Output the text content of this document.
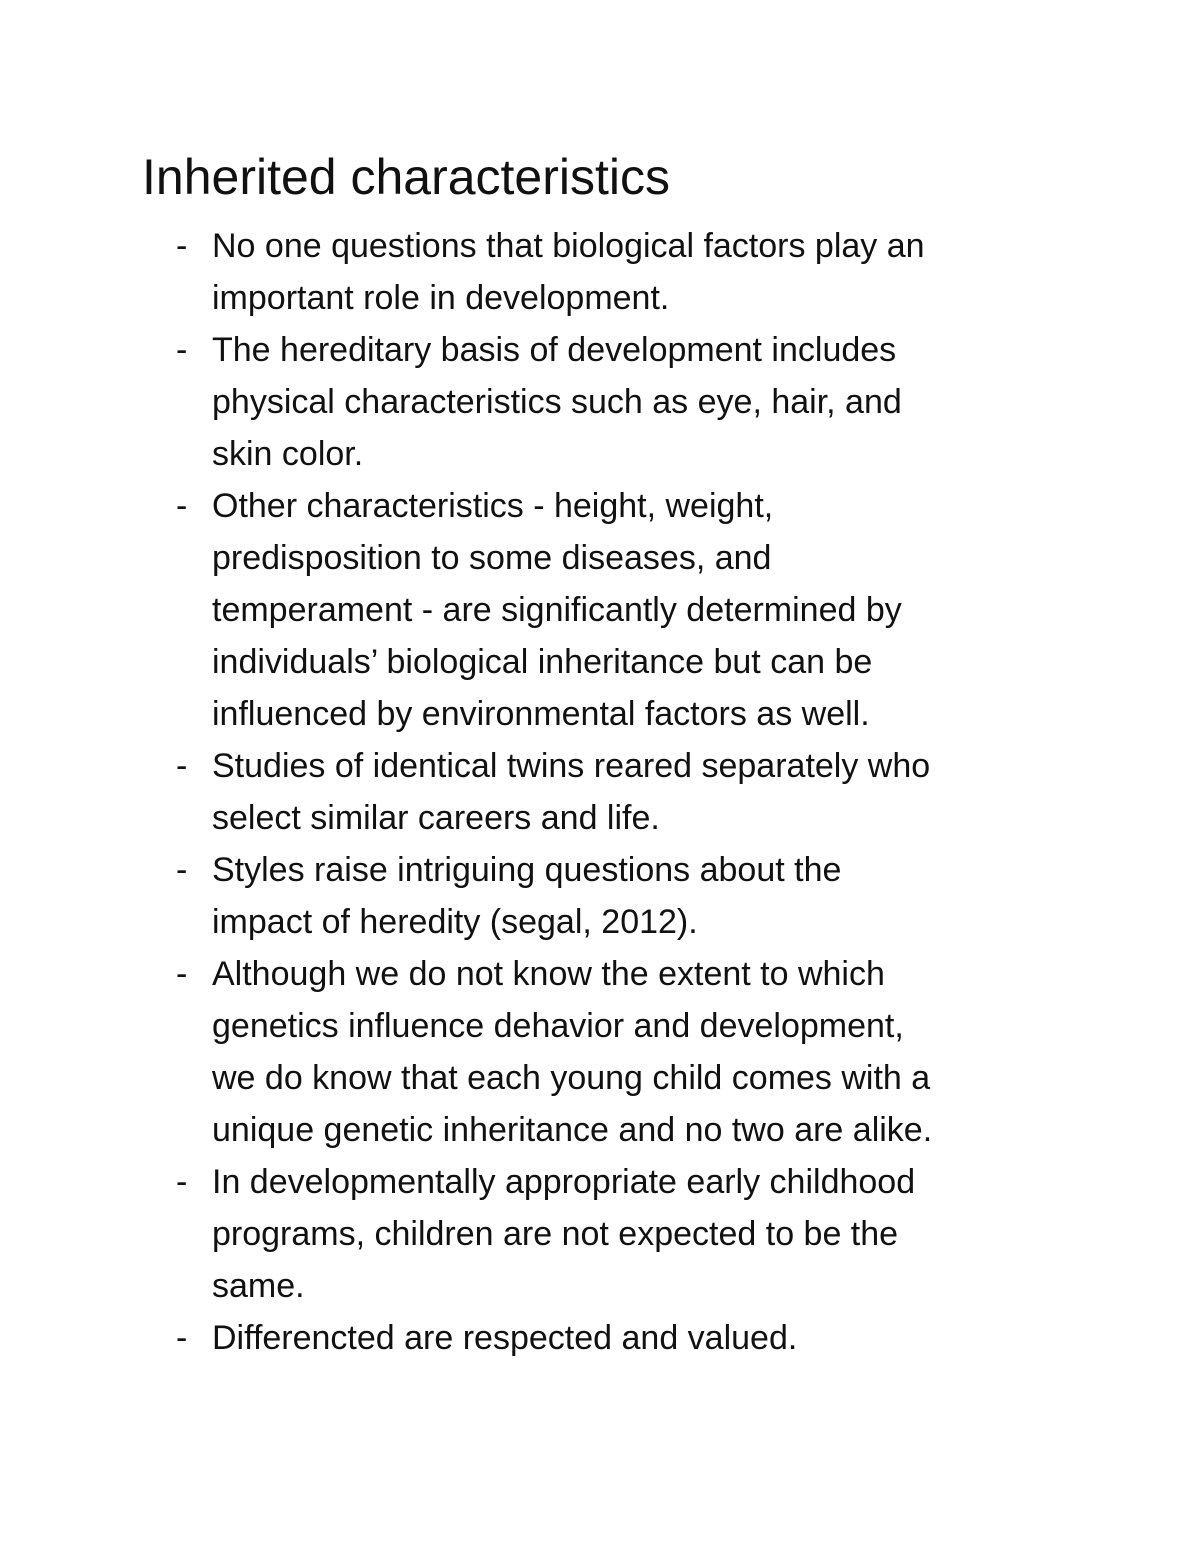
Inherited characteristics
- No one questions that biological factors play an
important role in development.
- The hereditary basis of development includes
physical characteristics such as eye, hair, and
skin color.
- Other characteristics - height, weight,
predisposition to some diseases, and
temperament - are significantly determined by
individuals’ biological inheritance but can be
influenced by environmental factors as well.
- Studies of identical twins reared separately who
select similar careers and life.
- Styles raise intriguing questions about the
impact of heredity (segal, 2012).
- Although we do not know the extent to which
genetics influence dehavior and development,
we do know that each young child comes with a
unique genetic inheritance and no two are alike.
- In developmentally appropriate early childhood
programs, children are not expected to be the
same.
- Differencted are respected and valued.
